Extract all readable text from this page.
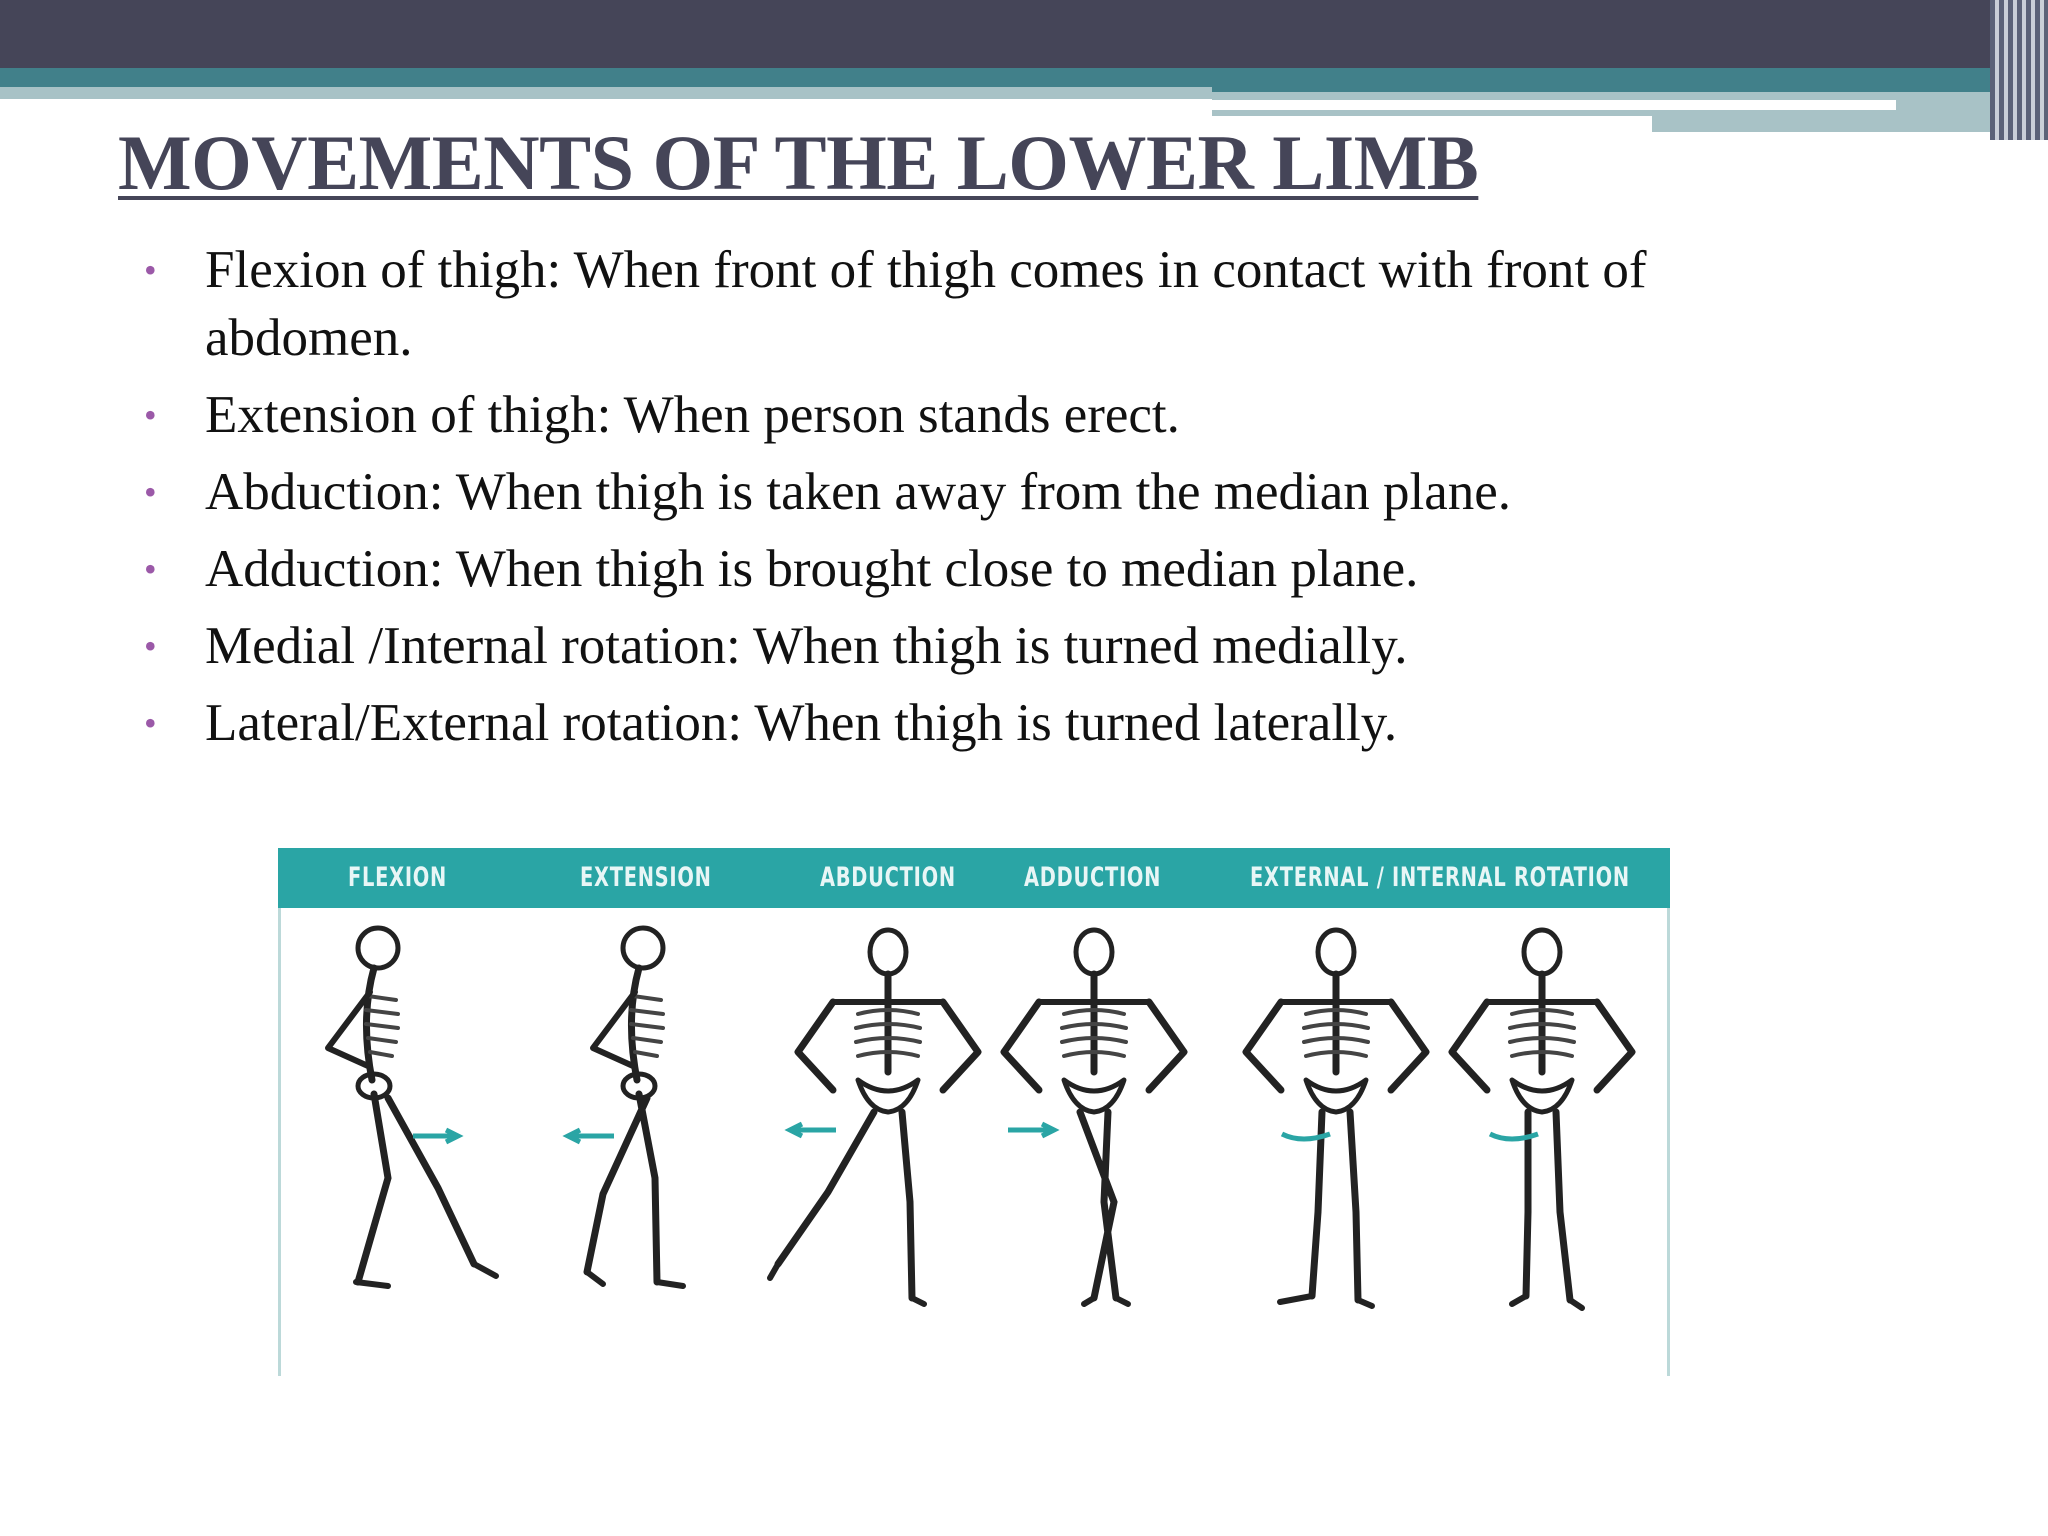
MOVEMENTS OF THE LOWER LIMB
• Flexion of thigh: When front of thigh comes in contact with front of abdomen.
• Extension of thigh: When person stands erect.
• Abduction: When thigh is taken away from the median plane.
• Adduction: When thigh is brought close to median plane.
• Medial /Internal rotation: When thigh is turned medially.
• Lateral/External rotation: When thigh is turned laterally.
FLEXION	EXTENSION	ABDUCTION	ADDUCTION	EXTERNAL / INTERNAL ROTATION
